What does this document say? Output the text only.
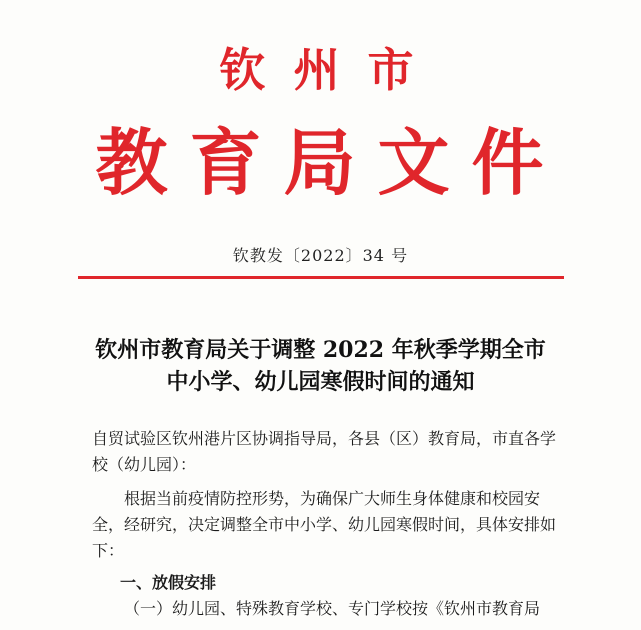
钦州市
教育局文件
钦教发〔2022〕34 号
钦州市教育局关于调整 2022 年秋季学期全市
中小学、幼儿园寒假时间的通知
自贸试验区钦州港片区协调指导局，各县（区）教育局，市直各学校（幼儿园）：
根据当前疫情防控形势，为确保广大师生身体健康和校园安全，经研究，决定调整全市中小学、幼儿园寒假时间，具体安排如下：
一、放假安排
（一）幼儿园、特殊教育学校、专门学校按《钦州市教育局
